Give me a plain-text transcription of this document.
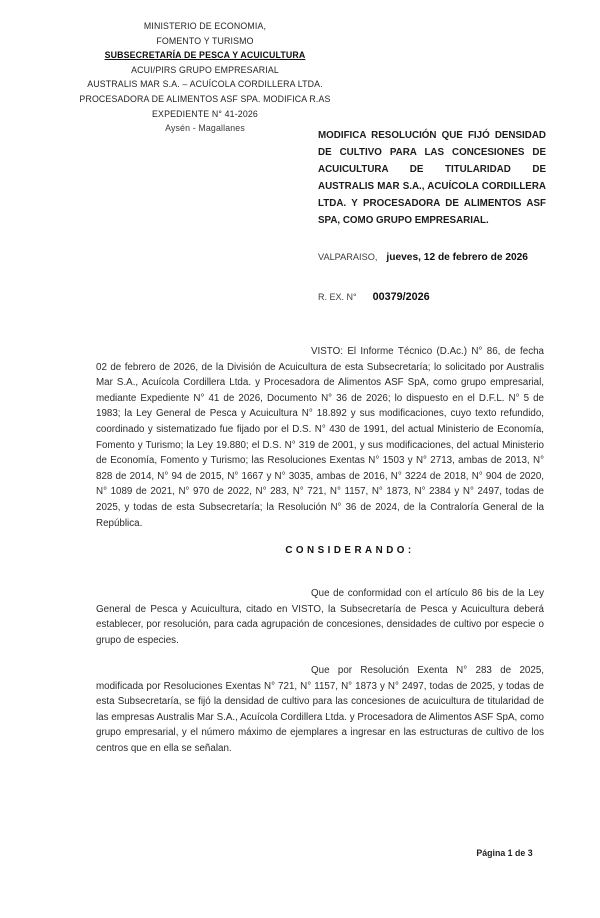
MINISTERIO DE ECONOMIA,
FOMENTO Y TURISMO
SUBSECRETARÍA DE PESCA Y ACUICULTURA
ACUI/PIRS GRUPO EMPRESARIAL
AUSTRALIS MAR S.A. – ACUÍCOLA CORDILLERA LTDA.
PROCESADORA DE ALIMENTOS ASF SPA. MODIFICA R.AS
EXPEDIENTE N° 41-2026
Aysén - Magallanes
MODIFICA RESOLUCIÓN QUE FIJÓ DENSIDAD DE CULTIVO PARA LAS CONCESIONES DE ACUICULTURA DE TITULARIDAD DE AUSTRALIS MAR S.A., ACUÍCOLA CORDILLERA LTDA. Y PROCESADORA DE ALIMENTOS ASF SPA, COMO GRUPO EMPRESARIAL.
VALPARAISO, jueves, 12 de febrero de 2026
R. EX. N° 00379/2026
VISTO: El Informe Técnico (D.Ac.) N° 86, de fecha 02 de febrero de 2026, de la División de Acuicultura de esta Subsecretaría; lo solicitado por Australis Mar S.A., Acuícola Cordillera Ltda. y Procesadora de Alimentos ASF SpA, como grupo empresarial, mediante Expediente N° 41 de 2026, Documento N° 36 de 2026; lo dispuesto en el D.F.L. N° 5 de 1983; la Ley General de Pesca y Acuicultura N° 18.892 y sus modificaciones, cuyo texto refundido, coordinado y sistematizado fue fijado por el D.S. N° 430 de 1991, del actual Ministerio de Economía, Fomento y Turismo; la Ley 19.880; el D.S. N° 319 de 2001, y sus modificaciones, del actual Ministerio de Economía, Fomento y Turismo; las Resoluciones Exentas N° 1503 y N° 2713, ambas de 2013, N° 828 de 2014, N° 94 de 2015, N° 1667 y N° 3035, ambas de 2016, N° 3224 de 2018, N° 904 de 2020, N° 1089 de 2021, N° 970 de 2022, N° 283, N° 721, N° 1157, N° 1873, N° 2384 y N° 2497, todas de 2025, y todas de esta Subsecretaría; la Resolución N° 36 de 2024, de la Contraloría General de la República.
CONSIDERANDO:
Que de conformidad con el artículo 86 bis de la Ley General de Pesca y Acuicultura, citado en VISTO, la Subsecretaría de Pesca y Acuicultura deberá establecer, por resolución, para cada agrupación de concesiones, densidades de cultivo por especie o grupo de especies.
Que por Resolución Exenta N° 283 de 2025, modificada por Resoluciones Exentas N° 721, N° 1157, N° 1873 y N° 2497, todas de 2025, y todas de esta Subsecretaría, se fijó la densidad de cultivo para las concesiones de acuicultura de titularidad de las empresas Australis Mar S.A., Acuícola Cordillera Ltda. y Procesadora de Alimentos ASF SpA, como grupo empresarial, y el número máximo de ejemplares a ingresar en las estructuras de cultivo de los centros que en ella se señalan.
Página 1 de 3
